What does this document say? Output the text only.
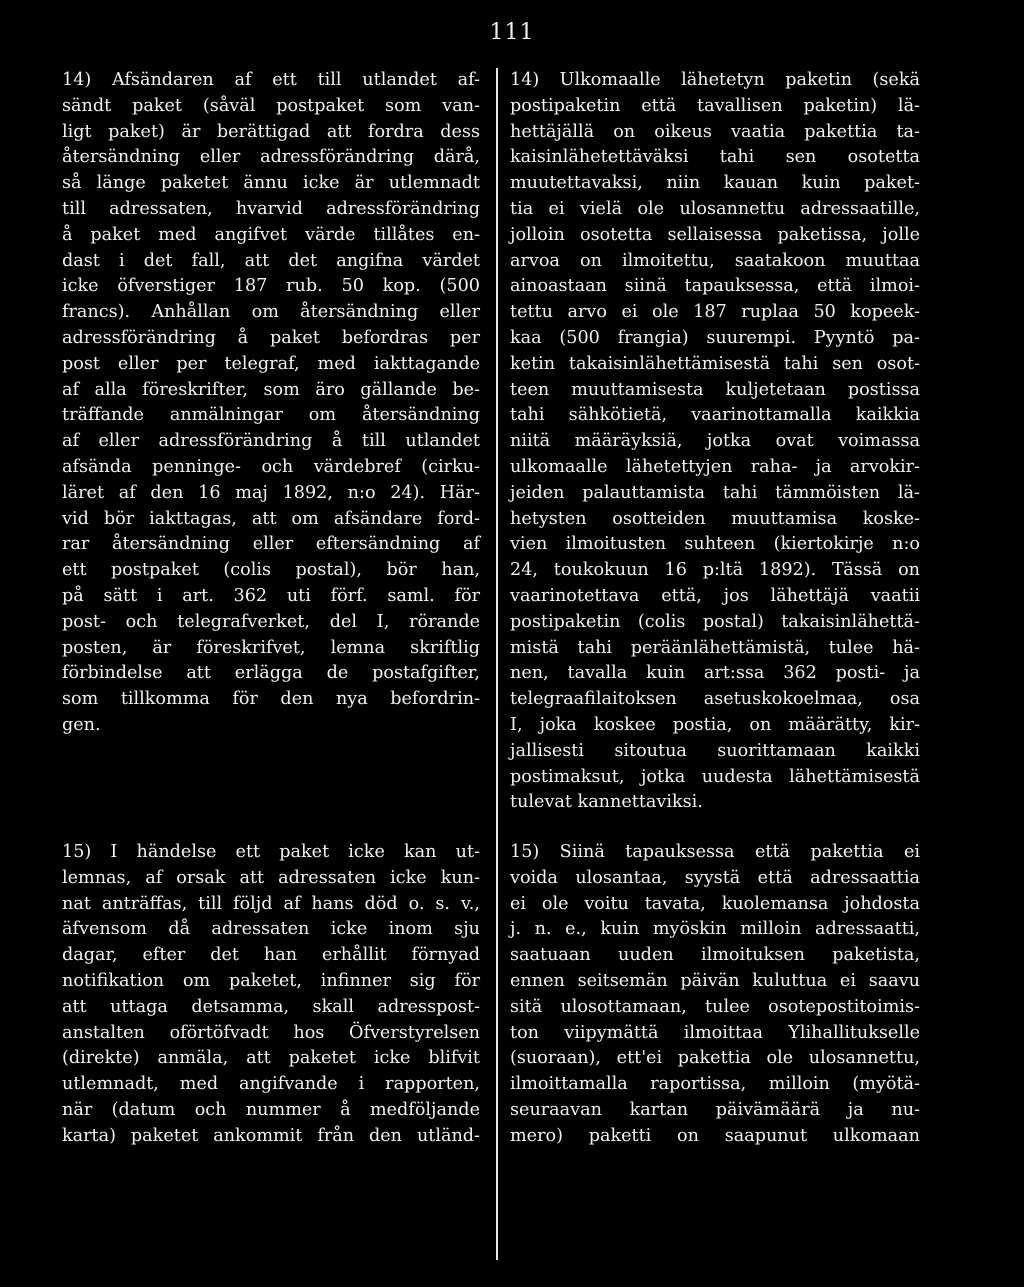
111

14) Afsändaren af ett till utlandet af-
sändt paket (såväl postpaket som van-
ligt paket) är berättigad att fordra dess
återsändning eller adressförändring därå,
så länge paketet ännu icke är utlemnadt
till adressaten, hvarvid adressförändring
å paket med angifvet värde tillåtes en-
dast i det fall, att det angifna värdet
icke öfverstiger 187 rub. 50 kop. (500
francs). Anhållan om återsändning eller
adressförändring å paket befordras per
post eller per telegraf, med iakttagande
af alla föreskrifter, som äro gällande be-
träffande anmälningar om återsändning
af eller adressförändring å till utlandet
afsända penninge- och värdebref (cirku-
läret af den 16 maj 1892, n:o 24). Här-
vid bör iakttagas, att om afsändare ford-
rar återsändning eller eftersändning af
ett postpaket (colis postal), bör han,
på sätt i art. 362 uti förf. saml. för
post- och telegrafverket, del I, rörande
posten, är föreskrifvet, lemna skriftlig
förbindelse att erlägga de postafgifter,
som tillkomma för den nya befordrin-
gen.

14) Ulkomaalle lähetetyn paketin (sekä
postipaketin että tavallisen paketin) lä-
hettäjällä on oikeus vaatia pakettia ta-
kaisinlähetettäväksi tahi sen osotetta
muutettavaksi, niin kauan kuin paket-
tia ei vielä ole ulosannettu adressaatille,
jolloin osotetta sellaisessa paketissa, jolle
arvoa on ilmoitettu, saatakoon muuttaa
ainoastaan siinä tapauksessa, että ilmoi-
tettu arvo ei ole 187 ruplaa 50 kopeek-
kaa (500 frangia) suurempi. Pyyntö pa-
ketin takaisinlähettämisestä tahi sen osot-
teen muuttamisesta kuljetetaan postissa
tahi sähkötietä, vaarinottamalla kaikkia
niitä määräyksiä, jotka ovat voimassa
ulkomaalle lähetettyjen raha- ja arvokir-
jeiden palauttamista tahi tämmöisten lä-
hetysten osotteiden muuttamisa koske-
vien ilmoitusten suhteen (kiertokirje n:o
24, toukokuun 16 p:ltä 1892). Tässä on
vaarinotettava että, jos lähettäjä vaatii
postipaketin (colis postal) takaisinlähettä-
mistä tahi peräänlähettämistä, tulee hä-
nen, tavalla kuin art:ssa 362 posti- ja
telegraafilaitoksen asetuskokoelmaa, osa
I, joka koskee postia, on määrätty, kir-
jallisesti sitoutua suorittamaan kaikki
postimaksut, jotka uudesta lähettämisestä
tulevat kannettaviksi.

15) I händelse ett paket icke kan ut-
lemnas, af orsak att adressaten icke kun-
nat anträffas, till följd af hans död o. s. v.,
äfvensom då adressaten icke inom sju
dagar, efter det han erhållit förnyad
notifikation om paketet, infinner sig för
att uttaga detsamma, skall adresspost-
anstalten oförtöfvadt hos Öfverstyrelsen
(direkte) anmäla, att paketet icke blifvit
utlemnadt, med angifvande i rapporten,
när (datum och nummer å medföljande
karta) paketet ankommit från den utländ-

15) Siinä tapauksessa että pakettia ei
voida ulosantaa, syystä että adressaattia
ei ole voitu tavata, kuolemansa johdosta
j. n. e., kuin myöskin milloin adressaatti,
saatuaan uuden ilmoituksen paketista,
ennen seitsemän päivän kuluttua ei saavu
sitä ulosottamaan, tulee osotepostitoimis-
ton viipymättä ilmoittaa Ylihallitukselle
(suoraan), ett'ei pakettia ole ulosannettu,
ilmoittamalla raportissa, milloin (myötä-
seuraavan kartan päivämäärä ja nu-
mero) paketti on saapunut ulkomaan
